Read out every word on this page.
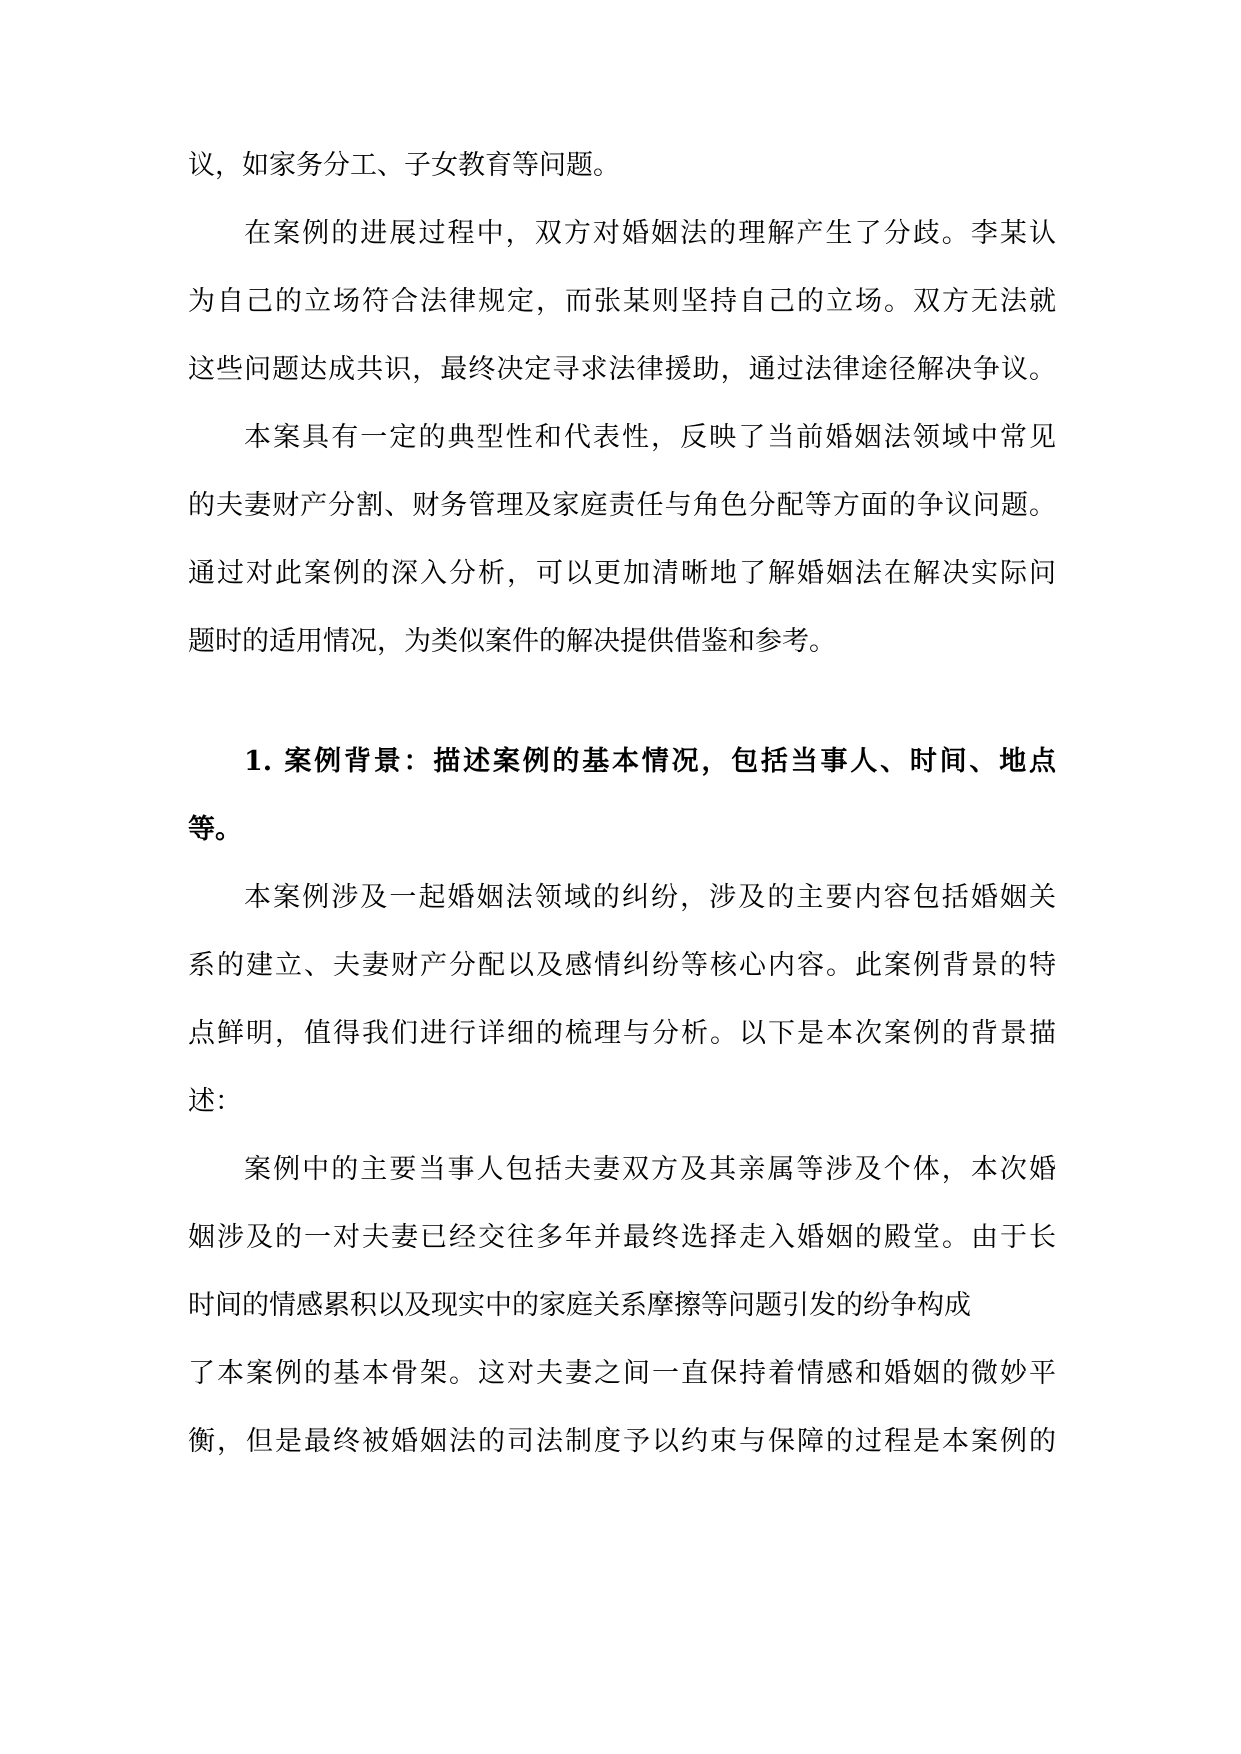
议，如家务分工、子女教育等问题。
在案例的进展过程中，双方对婚姻法的理解产生了分歧。李某认
为自己的立场符合法律规定，而张某则坚持自己的立场。双方无法就
这些问题达成共识，最终决定寻求法律援助，通过法律途径解决争议。
本案具有一定的典型性和代表性，反映了当前婚姻法领域中常见
的夫妻财产分割、财务管理及家庭责任与角色分配等方面的争议问题。
通过对此案例的深入分析，可以更加清晰地了解婚姻法在解决实际问
题时的适用情况，为类似案件的解决提供借鉴和参考。
1. 案例背景：描述案例的基本情况，包括当事人、时间、地点
等。
本案例涉及一起婚姻法领域的纠纷，涉及的主要内容包括婚姻关
系的建立、夫妻财产分配以及感情纠纷等核心内容。此案例背景的特
点鲜明，值得我们进行详细的梳理与分析。以下是本次案例的背景描
述：
案例中的主要当事人包括夫妻双方及其亲属等涉及个体，本次婚
姻涉及的一对夫妻已经交往多年并最终选择走入婚姻的殿堂。由于长
时间的情感累积以及现实中的家庭关系摩擦等问题引发的纷争构成
了本案例的基本骨架。这对夫妻之间一直保持着情感和婚姻的微妙平
衡，但是最终被婚姻法的司法制度予以约束与保障的过程是本案例的
